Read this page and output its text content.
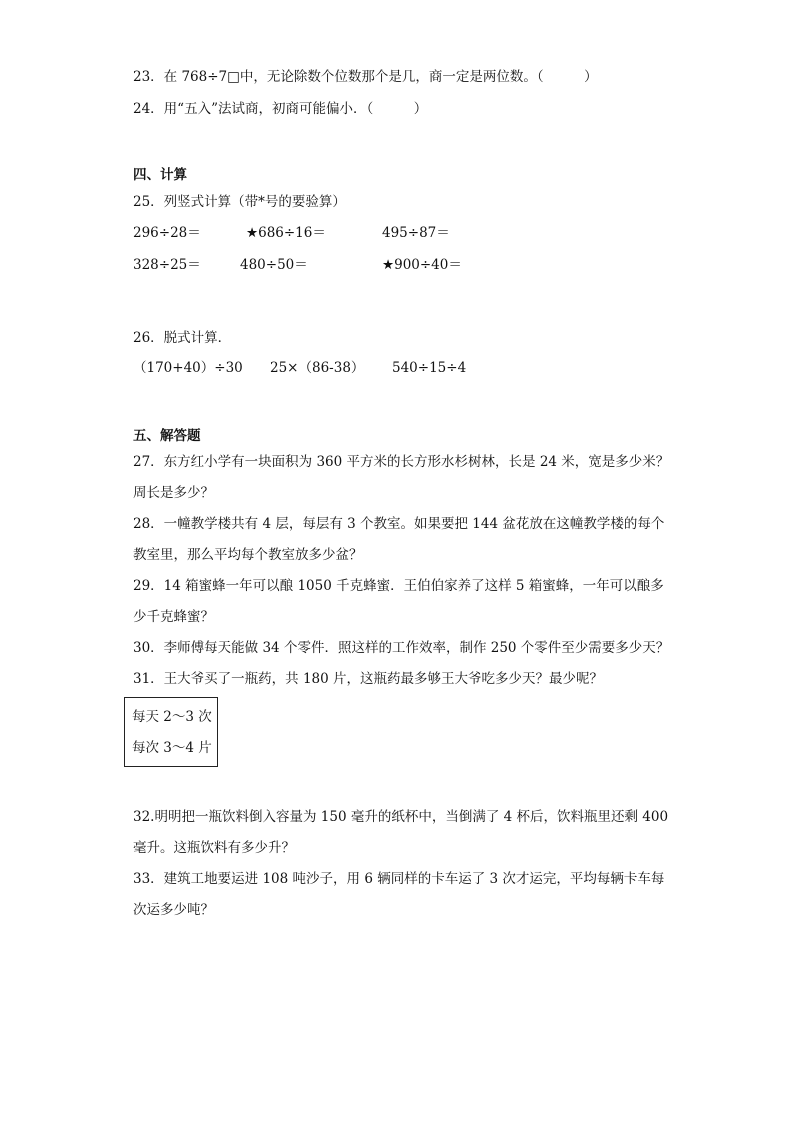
23．在 768÷7□中，无论除数个位数那个是几，商一定是两位数。（　　　）
24．用“五入”法试商，初商可能偏小．（　　　）
四、计算
25．列竖式计算（带*号的要验算）
296÷28＝	★686÷16＝	495÷87＝
328÷25＝	480÷50＝	★900÷40＝
26．脱式计算．
（170+40）÷30 25×（86-38） 540÷15÷4
五、解答题
27．东方红小学有一块面积为 360 平方米的长方形水杉树林，长是 24 米，宽是多少米？
周长是多少？
28．一幢教学楼共有 4 层，每层有 3 个教室。如果要把 144 盆花放在这幢教学楼的每个
教室里，那么平均每个教室放多少盆？
29．14 箱蜜蜂一年可以酿 1050 千克蜂蜜．王伯伯家养了这样 5 箱蜜蜂，一年可以酿多
少千克蜂蜜？
30．李师傅每天能做 34 个零件．照这样的工作效率，制作 250 个零件至少需要多少天？
31．王大爷买了一瓶药，共 180 片，这瓶药最多够王大爷吃多少天？最少呢？
每天 2～3 次
每次 3～4 片
32.明明把一瓶饮料倒入容量为 150 毫升的纸杯中，当倒满了 4 杯后，饮料瓶里还剩 400
毫升。这瓶饮料有多少升？
33．建筑工地要运进 108 吨沙子，用 6 辆同样的卡车运了 3 次才运完，平均每辆卡车每
次运多少吨？
